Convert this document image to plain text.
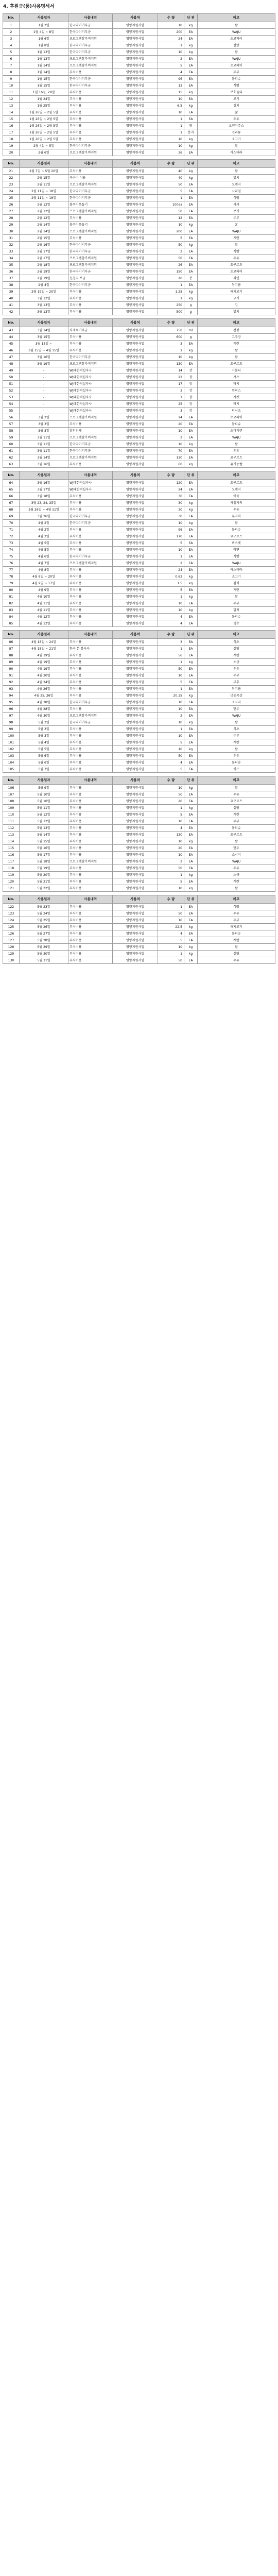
4. 후원금(품)사용명세서
No.	사용일자	사용내역	사용처	수 량	단 위	비고
1	1월 2일	한국다이기부금	영양지원사업	10	kg	쌀
2	1월 4일 ~ 8일	한국다이기부금	영양지원사업	200	EA	WAJU
3	1월 6일	프로그램참가비지원	영양지원사업	24	EA	초코파이
4	1월 8일	한국다이기부금	영양지원사업	1	kg	설탕
5	1월 13일	한국다이기부금	영양지원사업	10	kg	쌀
6	1월 13일	프로그램참가비지원	영양지원사업	2	EA	WAJU
7	1월 14일	프로그램참가비지원	영양지원사업	5	EA	초코파이
8	1월 14일	부식비용	영양지원사업	4	EA	두부
9	1월 15일	한국다이기부금	영양지원사업	96	EA	물티슈
10	1월 15일	한국다이기부금	영양지원사업	13	EA	식빵
11	1월 16일, 28일	부식비용	영양지원사업	15	kg	보호물티
12	1월 24일	부식비용	영양지원사업	10	EA	고기
13	1월 25일	부식비용	영양지원사업	6.5	kg	김치
14	1월 26일 ~ 2월 5일	부식비용	영양지원사업	10	EA	귤
15	1월 26일 ~ 2월 5일	부식비용	영양지원사업	1	EA	우유
16	1월 26일 ~ 2월 5일	부식비용	영양지원사업	1	병	오렌지쥬스
17	1월 26일 ~ 2월 5일	부식비용	영양지원사업	1	봉지	견과류
18	1월 26일 ~ 2월 5일	부식비용	영양지원사업	10	kg	소고기
19	2월 4일 ~ 5일	한국다이기부금	영양지원사업	10	kg	쌀
20	2월 6일	프로그램참가비지원	영양지원사업	36	EA	카스테라
No.	사용일자	사용내역	사용처	수 량	단 위	비고
21	2월 7일 ~ 5월 20일	부식비용	영양지원사업	40	kg	쌀
22	2월 15일	국수비 이용	영양지원사업	40	kg	멸치
23	2월 11일	프로그램참가비지원	영양지원사업	50	EA	오렌지
24	2월 11일 ~ 18일	한국다이기부금	영양지원사업	5	EA	시리얼
25	2월 11일 ~ 18일	한국다이기부금	영양지원사업	1	EA	식빵
26	2월 12일	불우이웃돕기	영양지원사업	100ea	EA	사과
27	2월 12일	프로그램참가비지원	영양지원사업	50	EA	쿠키
28	2월 12일	부식비용	영양지원사업	12	EA	두부
29	2월 14일	불우이웃돕기	영양지원사업	10	kg	귤
30	2월 14일	프로그램참가비지원	영양지원사업	200	EA	WAJU
31	2월 15일	부식비용	영양지원사업	5	EA	계란
32	2월 16일	한국다이기부금	영양지원사업	50	kg	쌀
33	2월 17일	한국다이기부금	영양지원사업	2	EA	식빵
34	2월 17일	프로그램참가비지원	영양지원사업	50	EA	우유
35	2월 18일	프로그램참가비지원	영양지원사업	26	EA	요구르트
36	2월 19일	한국다이기부금	영양지원사업	150	EA	초코파이
37	2월 19일	신천지 보금	영양지원사업	20	봉	라면
38	2월 4일	한국다이기부금	영양지원사업	1	EA	참기름
39	2월 19일 ~ 20일	부식비용	영양지원사업	1.25	kg	돼지고기
40	3월 12일	부식비용	영양지원사업	1	kg	고기
41	3월 13일	부식비용	영양지원사업	250	g	김
42	3월 13일	부식비용	영양지원사업	500	g	멸치
No.	사용일자	사용내역	사용처	수 량	단 위	비고
43	3월 14일	식재료기부금	영양지원사업	750	ml	간장
44	3월 15일	부식비용	영양지원사업	600	g	고추장
45	3월 15일 ~	부식비용	영양지원사업	3	EA	계란
46	3월 15일 ~ 4월 15일	부식비용	영양지원사업	1	kg	쌀
47	3월 16일	한국다이기부금	영양지원사업	10	kg	쌀
48	3월 19일	프로그램참가비지원	영양지원사업	130	EA	요구르트
49	-	WJ대한적십자사	영양지원사업	14	장	가볼티
50	-	WJ대한적십자사	영양지원사업	22	장	셔츠
51	-	WJ대한적십자사	영양지원사업	17	장	바지
52	-	WJ대한적십자사	영양지원사업	3	장	원피스
53	-	WJ대한적십자사	영양지원사업	1	장	자켓
54	-	WJ대한적십자사	영양지원사업	25	장	바지
55	-	WJ대한적십자사	영양지원사업	3	장	티셔츠
56	3월 2일	프로그램참가비지원	영양지원사업	24	EA	초코파이
57	3월 3일	부식비용	영양지원사업	20	EA	물티슈
58	3월 3일	할인전체	영양지원사업	10	EA	초다기렌
59	3월 11일	프로그램참가비지원	영양지원사업	2	EA	WAJU
60	3월 11일	한국다이기부금	영양지원사업	10	kg	쌀
61	3월 11일	한국다이기부금	영양지원사업	70	EA	우유
62	3월 14일	프로그램참가비지원	영양지원사업	130	EA	요구르트
63	3월 16일	부식비용	영양지원사업	60	kg	유기농쌀
No.	사용일자	사용내역	사용처	수 량	단 위	비고
64	3월 16일	WJ대한적십자사	영양지원사업	120	EA	요구르트
65	3월 17일	WJ대한적십자사	영양지원사업	24	EA	오렌지
66	3월 18일	부식비용	영양지원사업	30	EA	어묵
67	3월 23, 24, 25일	부식비용	영양지원사업	30	kg	자일자의
68	3월 26일 ~ 4월 11일	부식비용	영양지원사업	30	kg	우유
69	3월 26일	한국다이기부금	영양지원사업	30	EA	유자차
70	4월 2일	한국다이기부금	영양지원사업	10	kg	쌀
71	4월 2일	부식비용	영양지원사업	96	EA	물티슈
72	4월 2일	부식비용	영양지원사업	170	EA	요구르트
73	4월 5일	부식비용	영양지원사업	5	EA	비스켓
74	4월 5일	부식비용	영양지원사업	10	EA	라면
75	4월 6일	한국다이기부금	영양지원사업	1	EA	식빵
76	4월 7일	프로그램참가비지원	영양지원사업	2	EA	WAJU
77	4월 8일	부식비용	영양지원사업	24	EA	카스테라
78	4월 8일 ~ 20일	부식비용	영양지원사업	0.62	kg	소고기
79	4월 9일 ~ 17일	부식비용	영양지원사업	1.5	kg	김치
80	4월 9일	부식비용	영양지원사업	5	EA	계란
81	4월 10일	부식비용	영양지원사업	1	kg	쌀
82	4월 11일	부식비용	영양지원사업	10	EA	두부
83	4월 11일	부식비용	영양지원사업	10	kg	멸치
84	4월 12일	부식비용	영양지원사업	4	EA	물티슈
85	4월 12일	부식비용	영양지원사업	4	EA	생수
No.	사용일자	사용내역	사용처	수 량	단 위	비고
86	4월 18일 ~ 24일	부식비용	영양지원사업	3	EA	식초
87	4월 18일 ~ 21일	한국 본 봉사자	영양지원사업	1	EA	설탕
88	4월 19일	부식비용	영양지원사업	56	EA	계란
89	4월 19일	부식비용	영양지원사업	1	kg	소금
90	4월 19일	부식비용	영양지원사업	50	EA	우유
91	4월 20일	부식비용	영양지원사업	10	EA	두부
92	4월 24일	부식비용	영양지원사업	5	EA	부추
93	4월 26일	부식비용	영양지원사업	1	EA	참기름
94	4월 25, 26일	부식비용	영양지원사업	20.35	kg	냉동목살
95	4월 28일	한국다이기부금	영양지원사업	10	EA	소시지
96	4월 28일	부식비용	영양지원사업	10	EA	만두
97	4월 30일	프로그램참가비지원	영양지원사업	2	EA	WAJU
98	5월 2일	한국다이기부금	영양지원사업	10	kg	쌀
99	5월 3일	부식비용	영양지원사업	1	EA	식초
100	5월 3일	부식비용	영양지원사업	10	EA	두부
101	5월 4일	부식비용	영양지원사업	5	EA	계란
102	5월 5일	부식비용	영양지원사업	10	kg	쌀
103	5월 6일	부식비용	영양지원사업	50	EA	우유
104	5월 6일	부식비용	영양지원사업	4	EA	물티슈
105	5월 7일	부식비용	영양지원사업	5	EA	치즈
No.	사용일자	사용내역	사용처	수 량	단 위	비고
106	5월 9일	부식비용	영양지원사업	10	kg	쌀
107	5월 10일	부식비용	영양지원사업	50	EA	우유
108	5월 10일	부식비용	영양지원사업	20	EA	요구르트
109	5월 11일	부식비용	영양지원사업	1	kg	설탕
110	5월 12일	부식비용	영양지원사업	5	EA	계란
111	5월 12일	부식비용	영양지원사업	10	EA	두부
112	5월 13일	부식비용	영양지원사업	4	EA	물티슈
113	5월 14일	부식비용	영양지원사업	130	EA	요구르트
114	5월 15일	부식비용	영양지원사업	10	kg	쌀
115	5월 16일	부식비용	영양지원사업	20	EA	만두
116	5월 17일	부식비용	영양지원사업	10	EA	소시지
117	5월 18일	프로그램참가비지원	영양지원사업	2	EA	WAJU
118	5월 19일	부식비용	영양지원사업	50	EA	우유
119	5월 20일	부식비용	영양지원사업	1	kg	소금
120	5월 21일	부식비용	영양지원사업	5	EA	계란
121	5월 22일	부식비용	영양지원사업	10	kg	쌀
No.	사용일자	사용내역	사용처	수 량	단 위	비고
122	5월 23일	부식비용	영양지원사업	1	EA	식빵
123	5월 24일	부식비용	영양지원사업	50	EA	우유
124	5월 25일	부식비용	영양지원사업	10	EA	두부
125	5월 26일	부식비용	영양지원사업	22.5	kg	돼지고기
126	5월 27일	부식비용	영양지원사업	4	EA	물티슈
127	5월 28일	부식비용	영양지원사업	5	EA	계란
128	5월 29일	부식비용	영양지원사업	10	kg	쌀
129	5월 30일	부식비용	영양지원사업	1	kg	설탕
130	5월 31일	부식비용	영양지원사업	50	EA	우유
